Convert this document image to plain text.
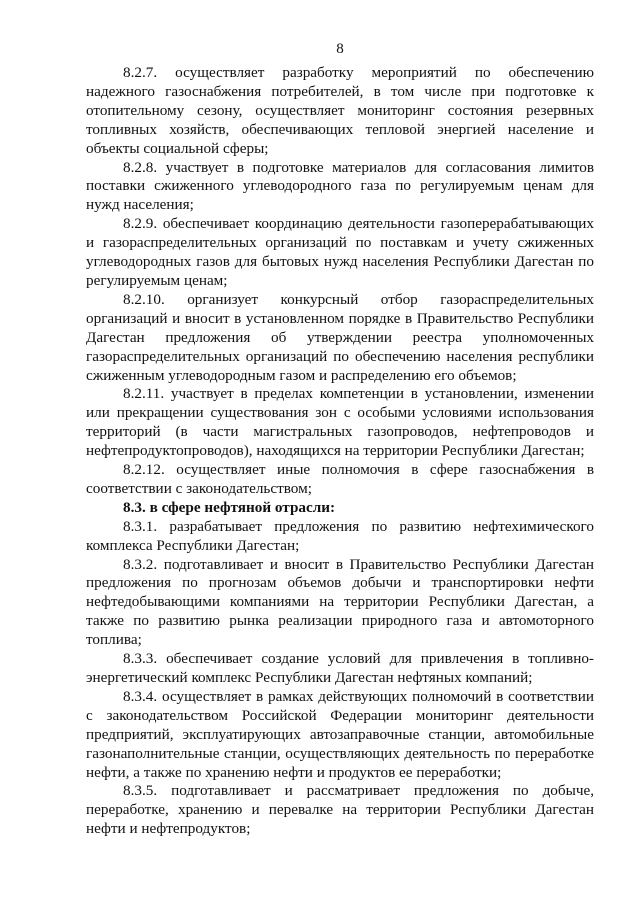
8

8.2.7. осуществляет разработку мероприятий по обеспечению надежного газоснабжения потребителей, в том числе при подготовке к отопительному сезону, осуществляет мониторинг состояния резервных топливных хозяйств, обеспечивающих тепловой энергией население и объекты социальной сферы;

8.2.8. участвует в подготовке материалов для согласования лимитов поставки сжиженного углеводородного газа по регулируемым ценам для нужд населения;

8.2.9. обеспечивает координацию деятельности газоперерабатывающих и газораспределительных организаций по поставкам и учету сжиженных углеводородных газов для бытовых нужд населения Республики Дагестан по регулируемым ценам;

8.2.10. организует конкурсный отбор газораспределительных организаций и вносит в установленном порядке в Правительство Республики Дагестан предложения об утверждении реестра уполномоченных газораспределительных организаций по обеспечению населения республики сжиженным углеводородным газом и распределению его объемов;

8.2.11. участвует в пределах компетенции в установлении, изменении или прекращении существования зон с особыми условиями использования территорий (в части магистральных газопроводов, нефтепроводов и нефтепродуктопроводов), находящихся на территории Республики Дагестан;

8.2.12. осуществляет иные полномочия в сфере газоснабжения в соответствии с законодательством;

8.3. в сфере нефтяной отрасли:

8.3.1. разрабатывает предложения по развитию нефтехимического комплекса Республики Дагестан;

8.3.2. подготавливает и вносит в Правительство Республики Дагестан предложения по прогнозам объемов добычи и транспортировки нефти нефтедобывающими компаниями на территории Республики Дагестан, а также по развитию рынка реализации природного газа и автомоторного топлива;

8.3.3. обеспечивает создание условий для привлечения в топливно-энергетический комплекс Республики Дагестан нефтяных компаний;

8.3.4. осуществляет в рамках действующих полномочий в соответствии с законодательством Российской Федерации мониторинг деятельности предприятий, эксплуатирующих автозаправочные станции, автомобильные газонаполнительные станции, осуществляющих деятельность по переработке нефти, а также по хранению нефти и продуктов ее переработки;

8.3.5. подготавливает и рассматривает предложения по добыче, переработке, хранению и перевалке на территории Республики Дагестан нефти и нефтепродуктов;
